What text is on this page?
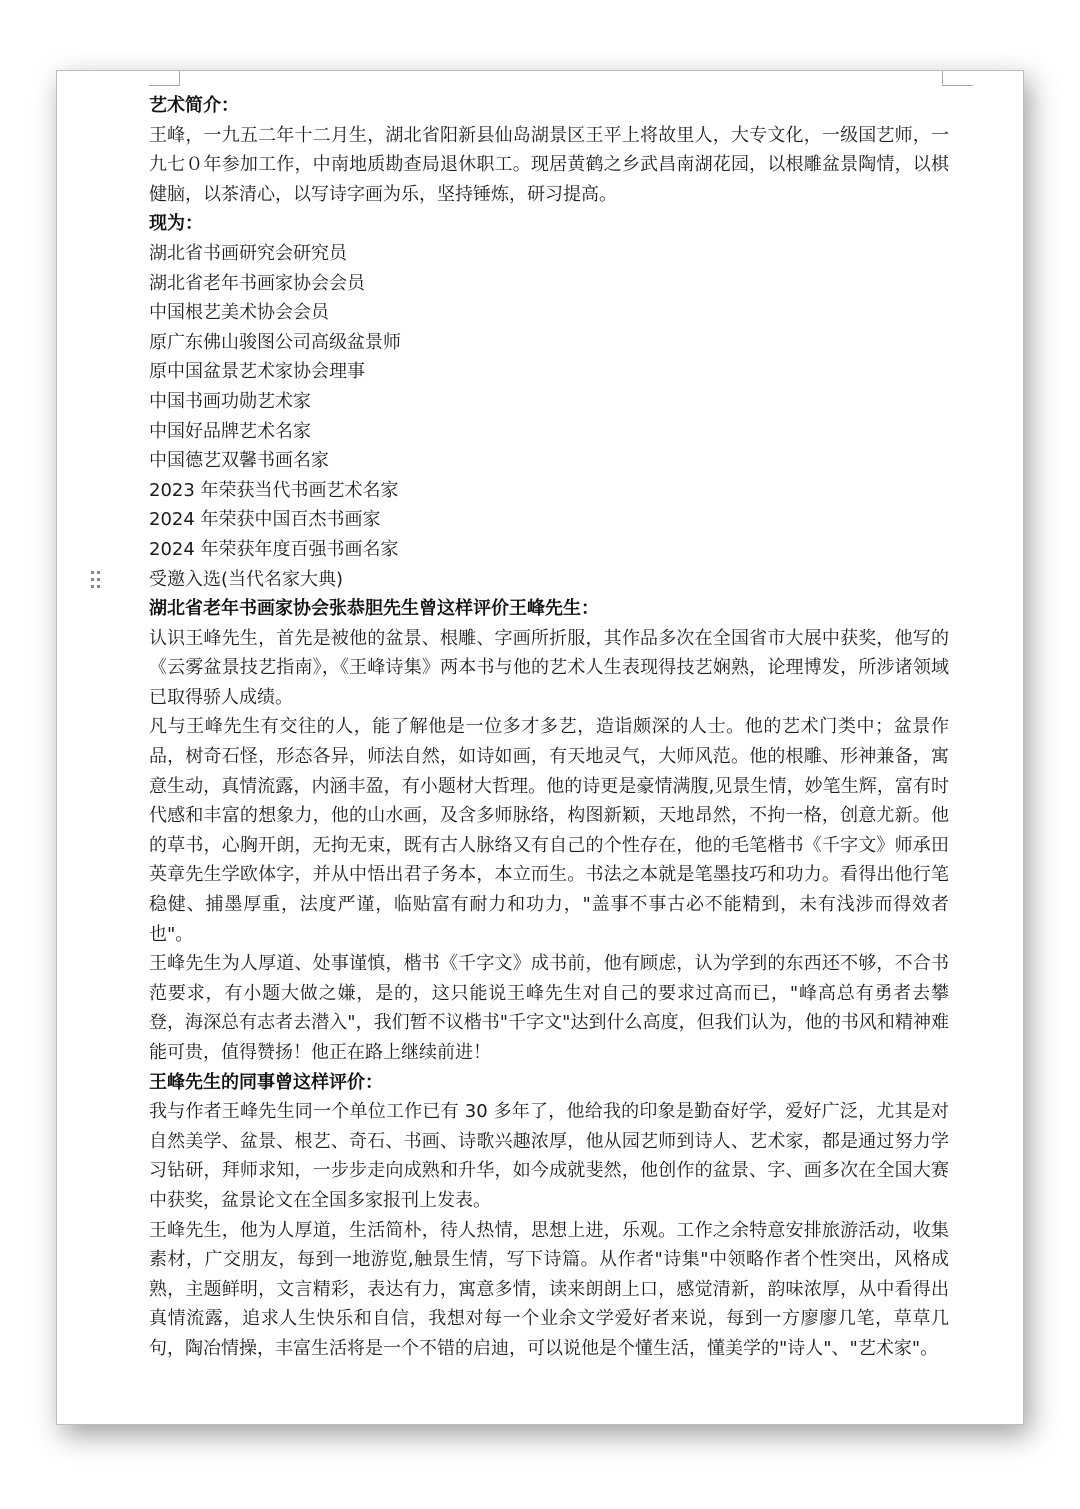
艺术简介：

王峰，一九五二年十二月生，湖北省阳新县仙岛湖景区王平上将故里人，大专文化，一级国艺师，一九七０年参加工作，中南地质勘查局退休职工。现居黄鹤之乡武昌南湖花园，以根雕盆景陶情，以棋健脑，以茶清心，以写诗字画为乐，坚持锤炼，研习提高。

现为：

湖北省书画研究会研究员

湖北省老年书画家协会会员

中国根艺美术协会会员

原广东佛山骏图公司高级盆景师

原中国盆景艺术家协会理事

中国书画功勋艺术家

中国好品牌艺术名家

中国德艺双馨书画名家

2023 年荣获当代书画艺术名家

2024 年荣获中国百杰书画家

2024 年荣获年度百强书画名家

受邀入选(当代名家大典)

湖北省老年书画家协会张恭胆先生曾这样评价王峰先生：

认识王峰先生，首先是被他的盆景、根雕、字画所折服，其作品多次在全国省市大展中获奖，他写的《云雾盆景技艺指南》，《王峰诗集》两本书与他的艺术人生表现得技艺娴熟，论理博发，所涉诸领域已取得骄人成绩。

凡与王峰先生有交往的人，能了解他是一位多才多艺，造诣颇深的人士。他的艺术门类中；盆景作品，树奇石怪，形态各异，师法自然，如诗如画，有天地灵气，大师风范。他的根雕、形神兼备，寓意生动，真情流露，内涵丰盈，有小题材大哲理。他的诗更是豪情满腹,见景生情，妙笔生辉，富有时代感和丰富的想象力，他的山水画，及含多师脉络，构图新颖，天地昂然，不拘一格，创意尤新。他的草书，心胸开朗，无拘无束，既有古人脉络又有自己的个性存在，他的毛笔楷书《千字文》师承田英章先生学欧体字，并从中悟出君子务本，本立而生。书法之本就是笔墨技巧和功力。看得出他行笔稳健、捕墨厚重，法度严谨，临贴富有耐力和功力，"盖事不事古必不能精到，未有浅涉而得效者也"。

王峰先生为人厚道、处事谨慎，楷书《千字文》成书前，他有顾虑，认为学到的东西还不够，不合书范要求，有小题大做之嫌，是的，这只能说王峰先生对自己的要求过高而已，"峰高总有勇者去攀登，海深总有志者去潜入"，我们暂不议楷书"千字文"达到什么高度，但我们认为，他的书风和精神难能可贵，值得赞扬！他正在路上继续前进！

王峰先生的同事曾这样评价：

我与作者王峰先生同一个单位工作已有 30 多年了，他给我的印象是勤奋好学，爱好广泛，尤其是对自然美学、盆景、根艺、奇石、书画、诗歌兴趣浓厚，他从园艺师到诗人、艺术家，都是通过努力学习钻研，拜师求知，一步步走向成熟和升华，如今成就斐然，他创作的盆景、字、画多次在全国大赛中获奖，盆景论文在全国多家报刊上发表。

王峰先生，他为人厚道，生活简朴，待人热情，思想上进，乐观。工作之余特意安排旅游活动，收集素材，广交朋友，每到一地游览,触景生情，写下诗篇。从作者"诗集"中领略作者个性突出，风格成熟，主题鲜明，文言精彩，表达有力，寓意多情，读来朗朗上口，感觉清新，韵味浓厚，从中看得出真情流露，追求人生快乐和自信，我想对每一个业余文学爱好者来说，每到一方廖廖几笔，草草几句，陶冶情操，丰富生活将是一个不错的启迪，可以说他是个懂生活，懂美学的"诗人"、"艺术家"。
